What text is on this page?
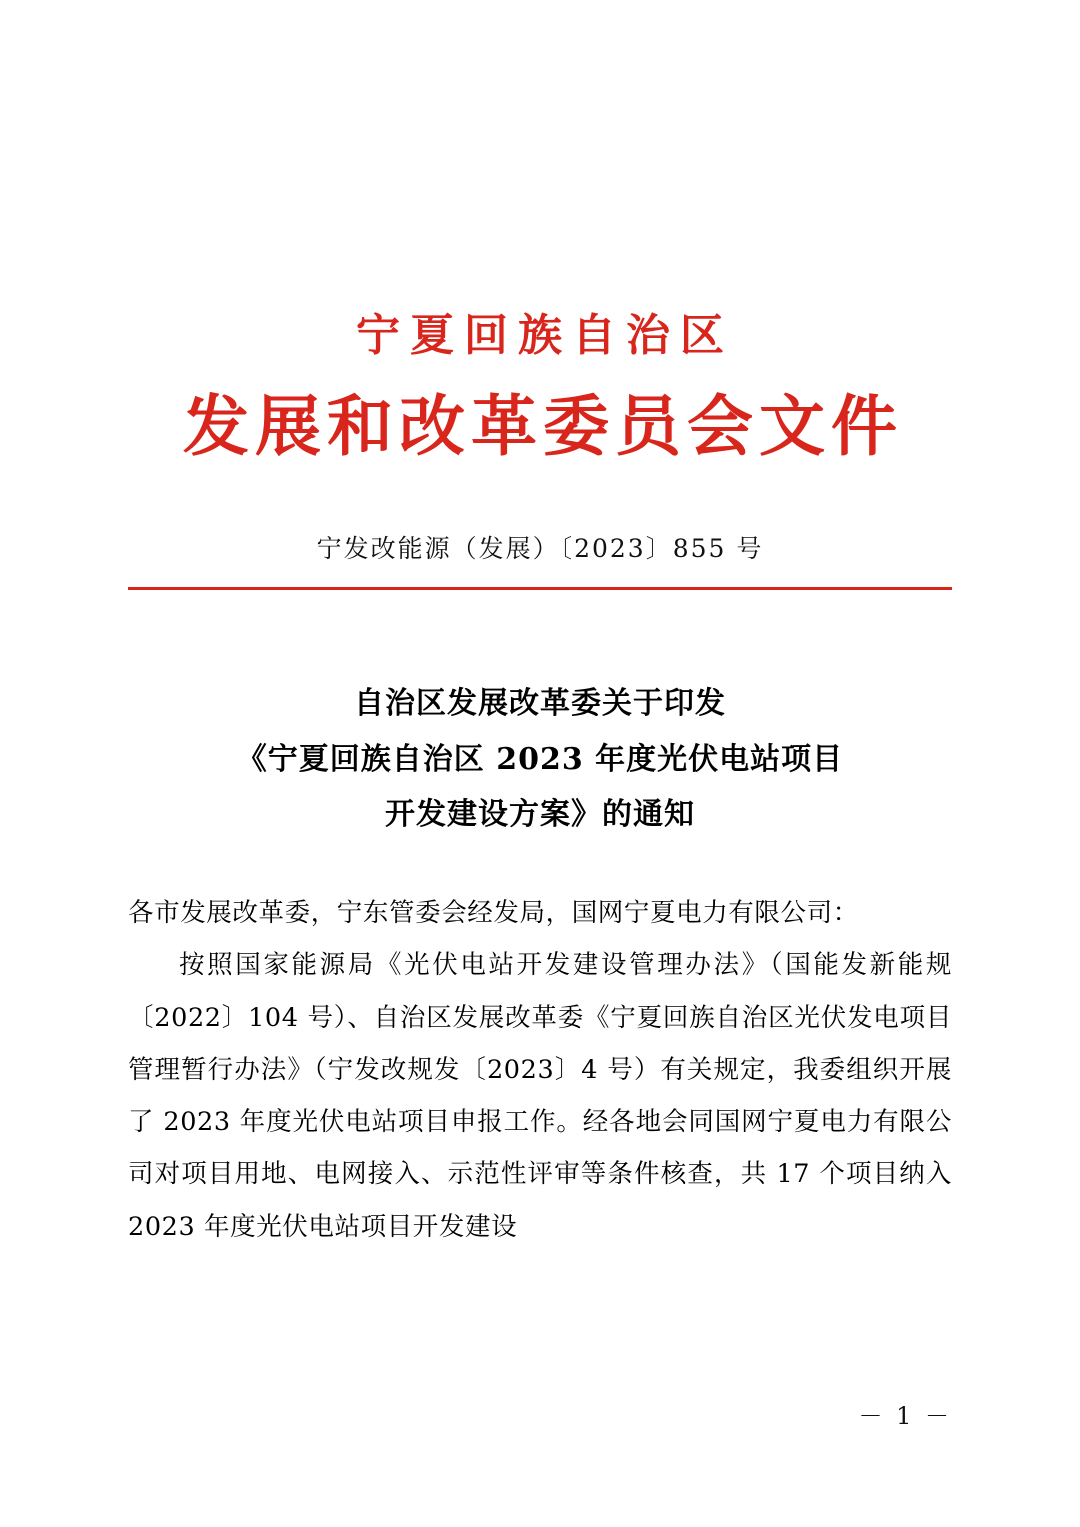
宁夏回族自治区
发展和改革委员会文件
宁发改能源（发展）〔2023〕855 号
自治区发展改革委关于印发
《宁夏回族自治区 2023 年度光伏电站项目
开发建设方案》的通知

各市发展改革委，宁东管委会经发局，国网宁夏电力有限公司：

按照国家能源局《光伏电站开发建设管理办法》（国能发新能规〔2022〕104 号）、自治区发展改革委《宁夏回族自治区光伏发电项目管理暂行办法》（宁发改规发〔2023〕4 号）有关规定，我委组织开展了 2023 年度光伏电站项目申报工作。经各地会同国网宁夏电力有限公司对项目用地、电网接入、示范性评审等条件核查，共 17 个项目纳入 2023 年度光伏电站项目开发建设

－ 1 －
